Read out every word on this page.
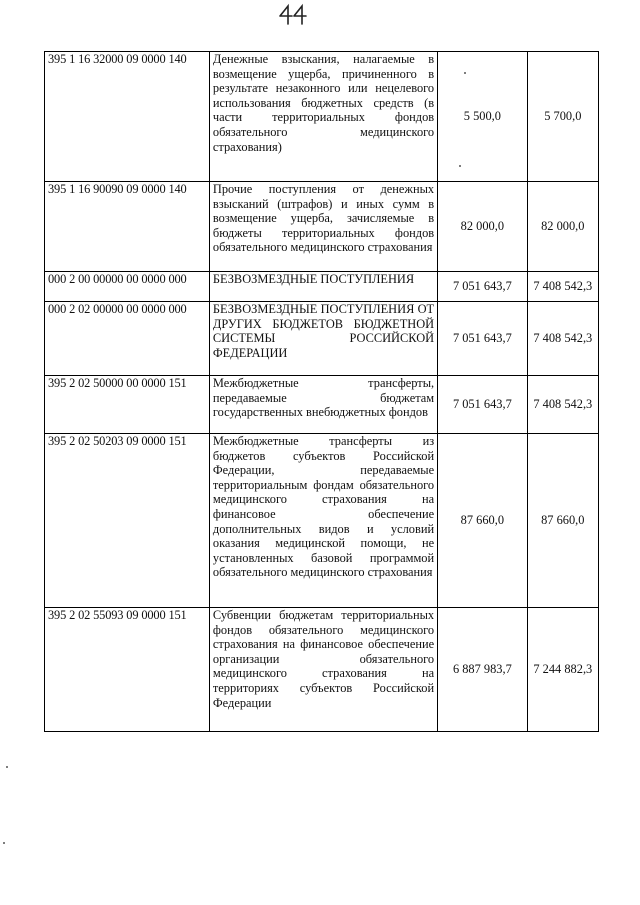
395 1 16 32000 09 0000 140	Денежные взыскания, налагаемые в возмещение ущерба, причиненного в результате незаконного или нецелевого использования бюджетных средств (в части территориальных фондов обязательного медицинского страхования)	5 500,0	5 700,0
395 1 16 90090 09 0000 140	Прочие поступления от денежных взысканий (штрафов) и иных сумм в возмещение ущерба, зачисляемые в бюджеты территориальных фондов обязательного медицинского страхования	82 000,0	82 000,0
000 2 00 00000 00 0000 000	БЕЗВОЗМЕЗДНЫЕ ПОСТУПЛЕНИЯ	7 051 643,7	7 408 542,3
000 2 02 00000 00 0000 000	БЕЗВОЗМЕЗДНЫЕ ПОСТУПЛЕНИЯ ОТ ДРУГИХ БЮДЖЕТОВ БЮДЖЕТНОЙ СИСТЕМЫ РОССИЙСКОЙ ФЕДЕРАЦИИ	7 051 643,7	7 408 542,3
395 2 02 50000 00 0000 151	Межбюджетные трансферты, передаваемые бюджетам государственных внебюджетных фондов	7 051 643,7	7 408 542,3
395 2 02 50203 09 0000 151	Межбюджетные трансферты из бюджетов субъектов Российской Федерации, передаваемые территориальным фондам обязательного медицинского страхования на финансовое обеспечение дополнительных видов и условий оказания медицинской помощи, не установленных базовой программой обязательного медицинского страхования	87 660,0	87 660,0
395 2 02 55093 09 0000 151	Субвенции бюджетам территориальных фондов обязательного медицинского страхования на финансовое обеспечение организации обязательного медицинского страхования на территориях субъектов Российской Федерации	6 887 983,7	7 244 882,3
